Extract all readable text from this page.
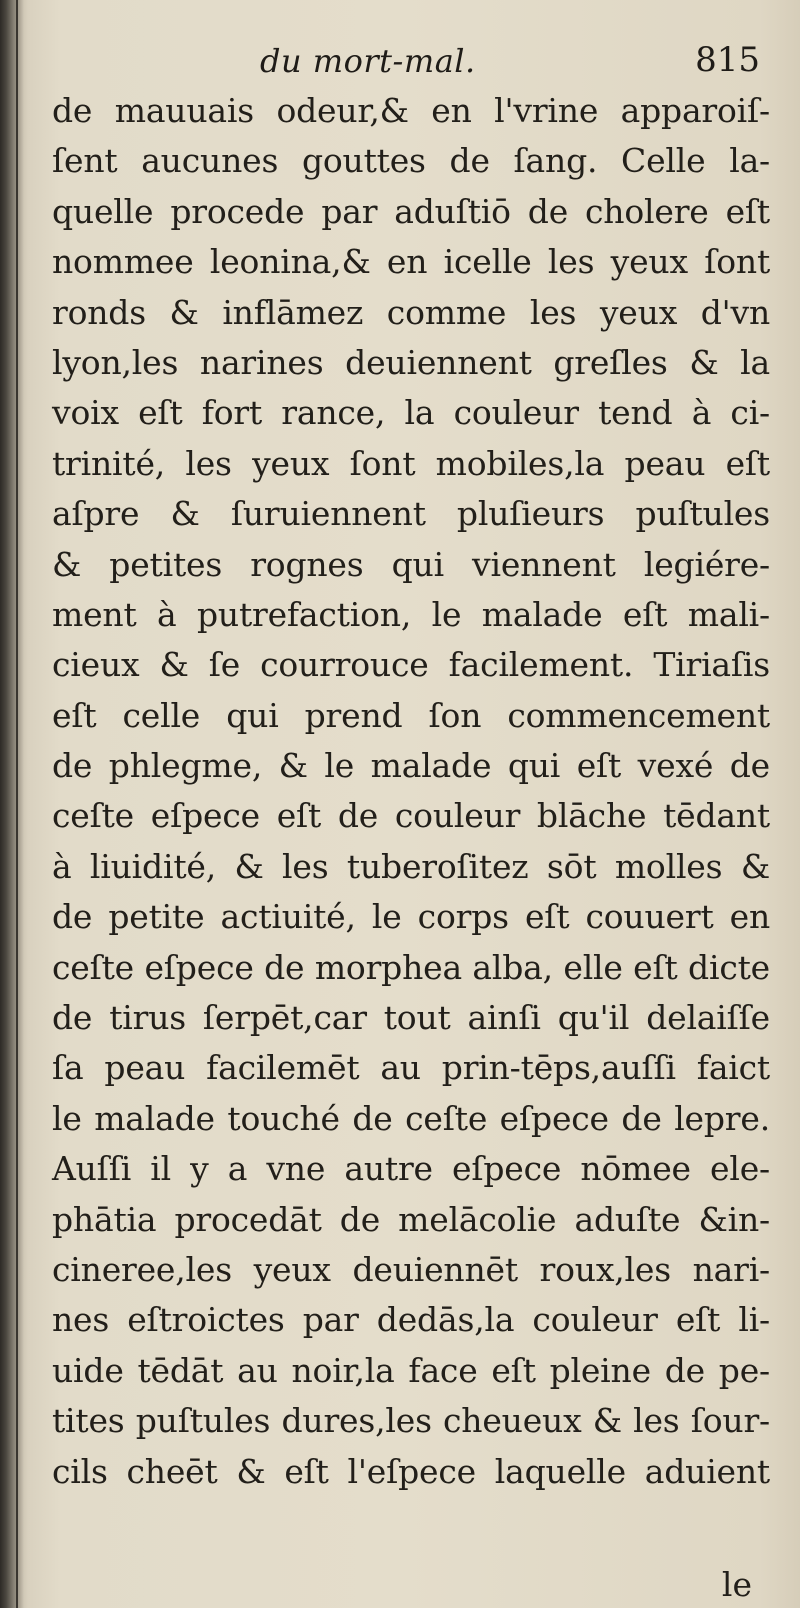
du mort-mal.	815
de mauuais odeur,& en l'vrine apparoiſ-
ſent aucunes gouttes de ſang. Celle la-
quelle procede par aduſtiō de cholere eſt
nommee leonina,& en icelle les yeux ſont
ronds & inflāmez comme les yeux d'vn
lyon,les narines deuiennent greſles & la
voix eſt fort rance, la couleur tend à ci-
trinité, les yeux ſont mobiles,la peau eſt
aſpre & ſuruiennent pluſieurs puſtules
& petites rognes qui viennent legiére-
ment à putrefaction, le malade eſt mali-
cieux & ſe courrouce facilement. Tiriaſis
eſt celle qui prend ſon commencement
de phlegme, & le malade qui eſt vexé de
ceſte eſpece eſt de couleur blāche tēdant
à liuidité, & les tuberoſitez sōt molles &
de petite actiuité, le corps eſt couuert en
ceſte eſpece de morphea alba, elle eſt dicte
de tirus ſerpēt,car tout ainſi qu'il delaiſſe
ſa peau facilemēt au prin-tēps,auſſi faict
le malade touché de ceſte eſpece de lepre.
Auſſi il y a vne autre eſpece nōmee ele-
phātia procedāt de melācolie aduſte &in-
cineree,les yeux deuiennēt roux,les nari-
nes eſtroictes par dedās,la couleur eſt li-
uide tēdāt au noir,la face eſt pleine de pe-
tites puſtules dures,les cheueux & les ſour-
cils cheēt & eſt l'eſpece laquelle aduient
le
